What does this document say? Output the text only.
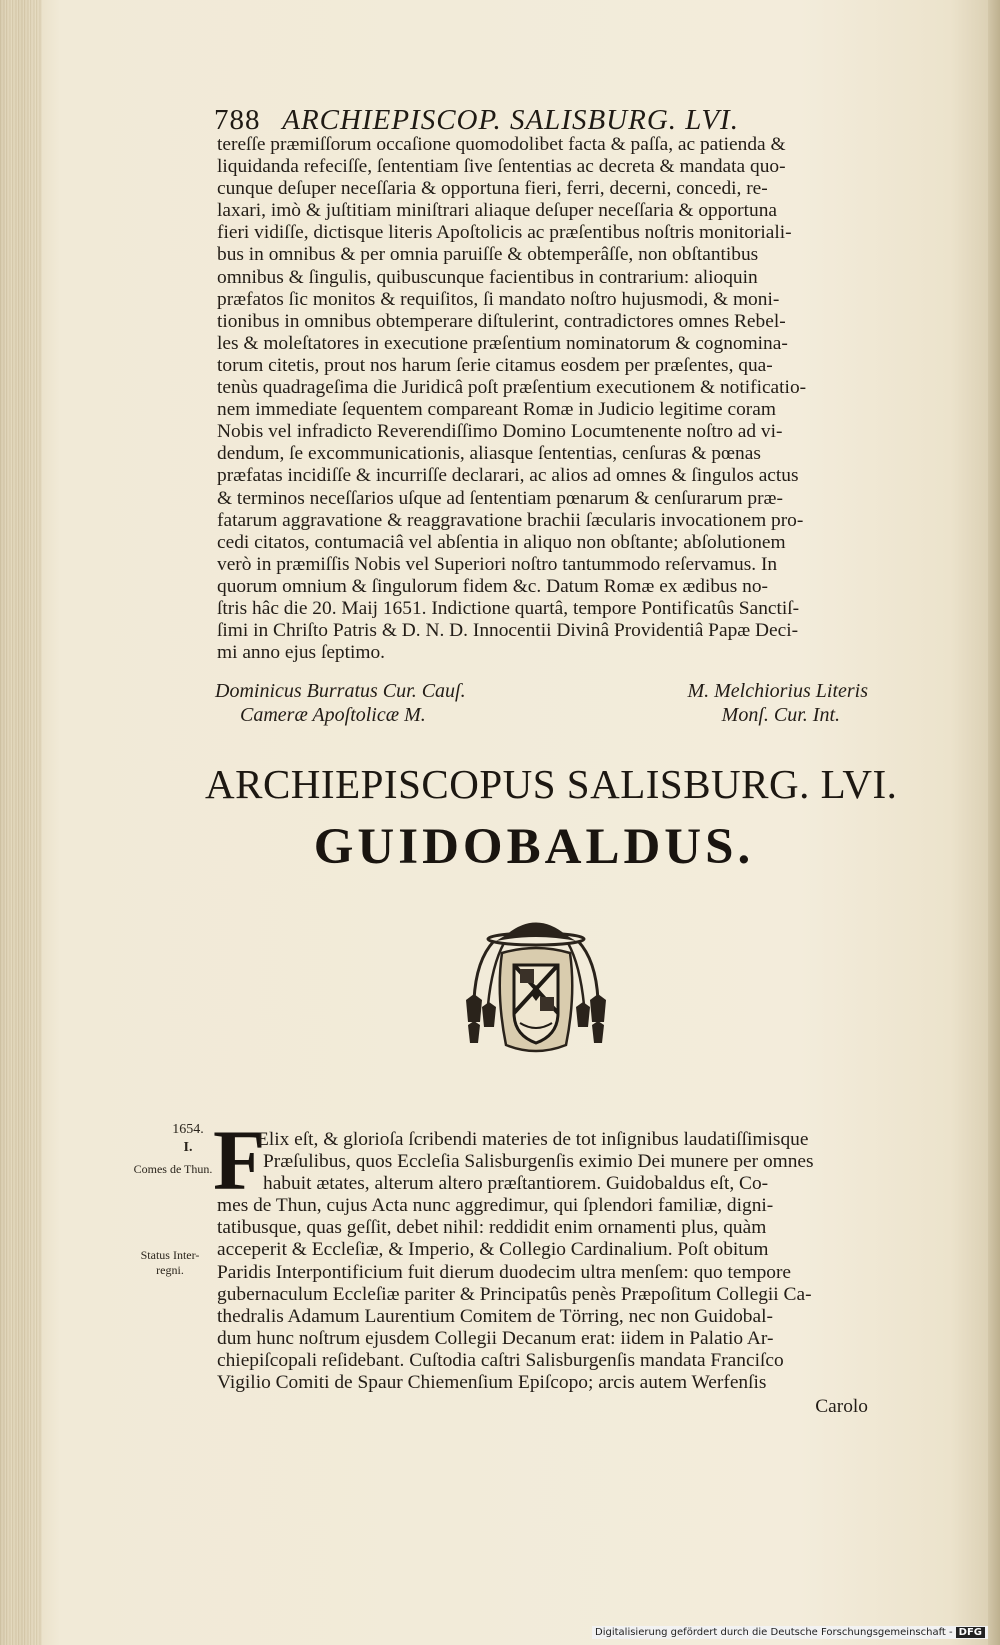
788 ARCHIEPISCOP. SALISBURG. LVI.
tereſſe præmiſſorum occaſione quomodolibet facta & paſſa, ac patienda &
liquidanda refeciſſe, ſententiam ſive ſententias ac decreta & mandata quo-
cunque deſuper neceſſaria & opportuna fieri, ferri, decerni, concedi, re-
laxari, imò & juſtitiam miniſtrari aliaque deſuper neceſſaria & opportuna
fieri vidiſſe, dictisque literis Apoſtolicis ac præſentibus noſtris monitoriali-
bus in omnibus & per omnia paruiſſe & obtemperâſſe, non obſtantibus
omnibus & ſingulis, quibuscunque facientibus in contrarium: alioquin
præfatos ſic monitos & requiſitos, ſi mandato noſtro hujusmodi, & moni-
tionibus in omnibus obtemperare diſtulerint, contradictores omnes Rebel-
les & moleſtatores in executione præſentium nominatorum & cognomina-
torum citetis, prout nos harum ſerie citamus eosdem per præſentes, qua-
tenùs quadrageſima die Juridicâ poſt præſentium executionem & notificatio-
nem immediate ſequentem compareant Romæ in Judicio legitime coram
Nobis vel infradicto Reverendiſſimo Domino Locumtenente noſtro ad vi-
dendum, ſe excommunicationis, aliasque ſententias, cenſuras & pœnas
præfatas incidiſſe & incurriſſe declarari, ac alios ad omnes & ſingulos actus
& terminos neceſſarios uſque ad ſententiam pœnarum & cenſurarum præ-
fatarum aggravatione & reaggravatione brachii ſæcularis invocationem pro-
cedi citatos, contumaciâ vel abſentia in aliquo non obſtante; abſolutionem
verò in præmiſſis Nobis vel Superiori noſtro tantummodo reſervamus. In
quorum omnium & ſingulorum fidem &c. Datum Romæ ex ædibus no-
ſtris hâc die 20. Maij 1651. Indictione quartâ, tempore Pontificatûs Sanctiſ-
ſimi in Chriſto Patris & D. N. D. Innocentii Divinâ Providentiâ Papæ Deci-
mi anno ejus ſeptimo.
Dominicus Burratus Cur. Cauſ.
Cameræ Apoſtolicæ M.
M. Melchiorius Literis
Monſ. Cur. Int.
ARCHIEPISCOPUS SALISBURG. LVI.
GUIDOBALDUS.
1654.
I.
Comes de Thun.
Status Inter-regni.
F
Elix eſt, & glorioſa ſcribendi materies de tot inſignibus laudatiſſimisque
Præſulibus, quos Eccleſia Salisburgenſis eximio Dei munere per omnes
habuit ætates, alterum altero præſtantiorem. Guidobaldus eſt, Co-
mes de Thun, cujus Acta nunc aggredimur, qui ſplendori familiæ, digni-
tatibusque, quas geſſit, debet nihil: reddidit enim ornamenti plus, quàm
acceperit & Eccleſiæ, & Imperio, & Collegio Cardinalium. Poſt obitum
Paridis Interpontificium fuit dierum duodecim ultra menſem: quo tempore
gubernaculum Eccleſiæ pariter & Principatûs penès Præpoſitum Collegii Ca-
thedralis Adamum Laurentium Comitem de Törring, nec non Guidobal-
dum hunc noſtrum ejusdem Collegii Decanum erat: iidem in Palatio Ar-
chiepiſcopali reſidebant. Cuſtodia caſtri Salisburgenſis mandata Franciſco
Vigilio Comiti de Spaur Chiemenſium Epiſcopo; arcis autem Werfenſis
Carolo
Digitalisierung gefördert durch die Deutsche Forschungsgemeinschaft - DFG
